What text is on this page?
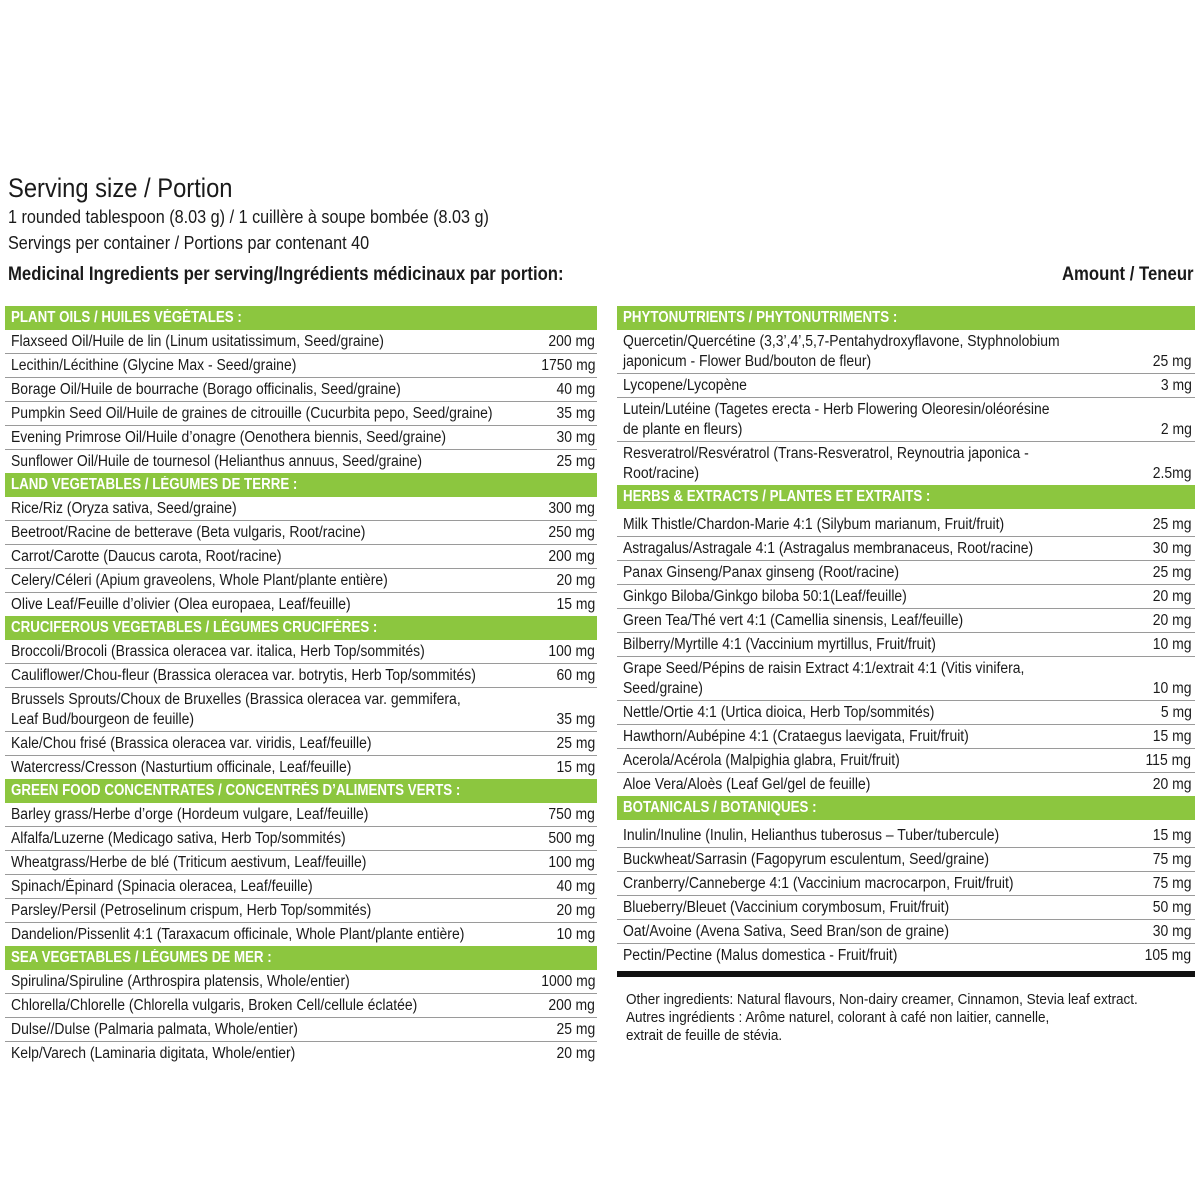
Serving size / Portion
1 rounded tablespoon (8.03 g) / 1 cuillère à soupe bombée (8.03 g)
Servings per container / Portions par contenant 40
Medicinal Ingredients per serving/Ingrédients médicinaux par portion:	Amount / Teneur
PLANT OILS / HUILES VÉGÉTALES :
Flaxseed Oil/Huile de lin (Linum usitatissimum, Seed/graine)	200 mg
Lecithin/Lécithine (Glycine Max - Seed/graine)	1750 mg
Borage Oil/Huile de bourrache (Borago officinalis, Seed/graine)	40 mg
Pumpkin Seed Oil/Huile de graines de citrouille (Cucurbita pepo, Seed/graine)	35 mg
Evening Primrose Oil/Huile d’onagre (Oenothera biennis, Seed/graine)	30 mg
Sunflower Oil/Huile de tournesol (Helianthus annuus, Seed/graine)	25 mg
LAND VEGETABLES / LÉGUMES DE TERRE :
Rice/Riz (Oryza sativa, Seed/graine)	300 mg
Beetroot/Racine de betterave (Beta vulgaris, Root/racine)	250 mg
Carrot/Carotte (Daucus carota, Root/racine)	200 mg
Celery/Céleri (Apium graveolens, Whole Plant/plante entière)	20 mg
Olive Leaf/Feuille d’olivier (Olea europaea, Leaf/feuille)	15 mg
CRUCIFEROUS VEGETABLES / LÉGUMES CRUCIFÈRES :
Broccoli/Brocoli (Brassica oleracea var. italica, Herb Top/sommités)	100 mg
Cauliflower/Chou-fleur (Brassica oleracea var. botrytis, Herb Top/sommités)	60 mg
Brussels Sprouts/Choux de Bruxelles (Brassica oleracea var. gemmifera,
Leaf Bud/bourgeon de feuille)	35 mg
Kale/Chou frisé (Brassica oleracea var. viridis, Leaf/feuille)	25 mg
Watercress/Cresson (Nasturtium officinale, Leaf/feuille)	15 mg
GREEN FOOD CONCENTRATES / CONCENTRÉS D’ALIMENTS VERTS :
Barley grass/Herbe d’orge (Hordeum vulgare, Leaf/feuille)	750 mg
Alfalfa/Luzerne (Medicago sativa, Herb Top/sommités)	500 mg
Wheatgrass/Herbe de blé (Triticum aestivum, Leaf/feuille)	100 mg
Spinach/Épinard (Spinacia oleracea, Leaf/feuille)	40 mg
Parsley/Persil (Petroselinum crispum, Herb Top/sommités)	20 mg
Dandelion/Pissenlit 4:1 (Taraxacum officinale, Whole Plant/plante entière)	10 mg
SEA VEGETABLES / LÉGUMES DE MER :
Spirulina/Spiruline (Arthrospira platensis, Whole/entier)	1000 mg
Chlorella/Chlorelle (Chlorella vulgaris, Broken Cell/cellule éclatée)	200 mg
Dulse//Dulse (Palmaria palmata, Whole/entier)	25 mg
Kelp/Varech (Laminaria digitata, Whole/entier)	20 mg
PHYTONUTRIENTS / PHYTONUTRIMENTS :
Quercetin/Quercétine (3,3’,4’,5,7-Pentahydroxyflavone, Styphnolobium
japonicum - Flower Bud/bouton de fleur)	25 mg
Lycopene/Lycopène	3 mg
Lutein/Lutéine (Tagetes erecta - Herb Flowering Oleoresin/oléorésine
de plante en fleurs)	2 mg
Resveratrol/Resvératrol (Trans-Resveratrol, Reynoutria japonica - Root/racine)	2.5mg
HERBS & EXTRACTS / PLANTES ET EXTRAITS :
Milk Thistle/Chardon-Marie 4:1 (Silybum marianum, Fruit/fruit)	25 mg
Astragalus/Astragale 4:1 (Astragalus membranaceus, Root/racine)	30 mg
Panax Ginseng/Panax ginseng (Root/racine)	25 mg
Ginkgo Biloba/Ginkgo biloba 50:1(Leaf/feuille)	20 mg
Green Tea/Thé vert 4:1 (Camellia sinensis, Leaf/feuille)	20 mg
Bilberry/Myrtille 4:1 (Vaccinium myrtillus, Fruit/fruit)	10 mg
Grape Seed/Pépins de raisin Extract 4:1/extrait 4:1 (Vitis vinifera, Seed/graine)	10 mg
Nettle/Ortie 4:1 (Urtica dioica, Herb Top/sommités)	5 mg
Hawthorn/Aubépine 4:1 (Crataegus laevigata, Fruit/fruit)	15 mg
Acerola/Acérola (Malpighia glabra, Fruit/fruit)	115 mg
Aloe Vera/Aloès (Leaf Gel/gel de feuille)	20 mg
BOTANICALS / BOTANIQUES :
Inulin/Inuline (Inulin, Helianthus tuberosus – Tuber/tubercule)	15 mg
Buckwheat/Sarrasin (Fagopyrum esculentum, Seed/graine)	75 mg
Cranberry/Canneberge 4:1 (Vaccinium macrocarpon, Fruit/fruit)	75 mg
Blueberry/Bleuet (Vaccinium corymbosum, Fruit/fruit)	50 mg
Oat/Avoine (Avena Sativa, Seed Bran/son de graine)	30 mg
Pectin/Pectine (Malus domestica - Fruit/fruit)	105 mg
Other ingredients: Natural flavours, Non-dairy creamer, Cinnamon, Stevia leaf extract.
Autres ingrédients : Arôme naturel, colorant à café non laitier, cannelle,
extrait de feuille de stévia.
